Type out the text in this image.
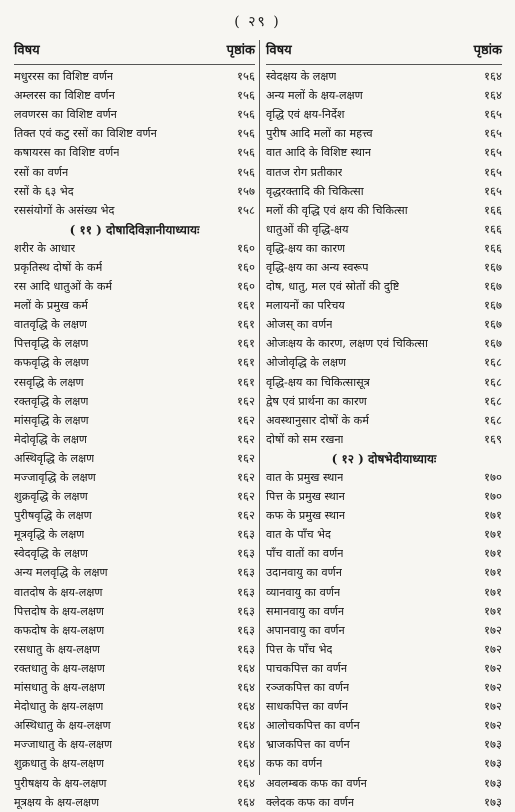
( २९ )
विषय	पृष्ठांक
मधुररस का विशिष्ट वर्णन	१५६
अम्लरस का विशिष्ट वर्णन	१५६
लवणरस का विशिष्ट वर्णन	१५६
तिक्त एवं कटु रसों का विशिष्ट वर्णन	१५६
कषायरस का विशिष्ट वर्णन	१५६
रसों का वर्णन	१५६
रसों के ६३ भेद	१५७
रससंयोगों के असंख्य भेद	१५८
( ११ ) दोषादिविज्ञानीयाध्यायः
शरीर के आधार	१६०
प्रकृतिस्थ दोषों के कर्म	१६०
रस आदि धातुओं के कर्म	१६०
मलों के प्रमुख कर्म	१६१
वातवृद्धि के लक्षण	१६१
पित्तवृद्धि के लक्षण	१६१
कफवृद्धि के लक्षण	१६१
रसवृद्धि के लक्षण	१६१
रक्तवृद्धि के लक्षण	१६२
मांसवृद्धि के लक्षण	१६२
मेदोवृद्धि के लक्षण	१६२
अस्थिवृद्धि के लक्षण	१६२
मज्जावृद्धि के लक्षण	१६२
शुक्रवृद्धि के लक्षण	१६२
पुरीषवृद्धि के लक्षण	१६२
मूत्रवृद्धि के लक्षण	१६३
स्वेदवृद्धि के लक्षण	१६३
अन्य मलवृद्धि के लक्षण	१६३
वातदोष के क्षय-लक्षण	१६३
पित्तदोष के क्षय-लक्षण	१६३
कफदोष के क्षय-लक्षण	१६३
रसधातु के क्षय-लक्षण	१६३
रक्तधातु के क्षय-लक्षण	१६४
मांसधातु के क्षय-लक्षण	१६४
मेदोधातु के क्षय-लक्षण	१६४
अस्थिधातु के क्षय-लक्षण	१६४
मज्जाधातु के क्षय-लक्षण	१६४
शुक्रधातु के क्षय-लक्षण	१६४
पुरीषक्षय के क्षय-लक्षण	१६४
मूत्रक्षय के क्षय-लक्षण	१६४
विषय	पृष्ठांक
स्वेदक्षय के लक्षण	१६४
अन्य मलों के क्षय-लक्षण	१६४
वृद्धि एवं क्षय-निर्देश	१६५
पुरीष आदि मलों का महत्त्व	१६५
वात आदि के विशिष्ट स्थान	१६५
वातज रोग प्रतीकार	१६५
वृद्धरक्तादि की चिकित्सा	१६५
मलों की वृद्धि एवं क्षय की चिकित्सा	१६६
धातुओं की वृद्धि-क्षय	१६६
वृद्धि-क्षय का कारण	१६६
वृद्धि-क्षय का अन्य स्वरूप	१६७
दोष, धातु, मल एवं स्रोतों की दुष्टि	१६७
मलायनों का परिचय	१६७
ओजस् का वर्णन	१६७
ओजःक्षय के कारण, लक्षण एवं चिकित्सा	१६७
ओजोवृद्धि के लक्षण	१६८
वृद्धि-क्षय का चिकित्सासूत्र	१६८
द्वेष एवं प्रार्थना का कारण	१६८
अवस्थानुसार दोषों के कर्म	१६८
दोषों को सम रखना	१६९
( १२ ) दोषभेदीयाध्यायः
वात के प्रमुख स्थान	१७०
पित्त के प्रमुख स्थान	१७०
कफ के प्रमुख स्थान	१७१
वात के पाँच भेद	१७१
पाँच वातों का वर्णन	१७१
उदानवायु का वर्णन	१७१
व्यानवायु का वर्णन	१७१
समानवायु का वर्णन	१७१
अपानवायु का वर्णन	१७२
पित्त के पाँच भेद	१७२
पाचकपित्त का वर्णन	१७२
रञ्जकपित्त का वर्णन	१७२
साधकपित्त का वर्णन	१७२
आलोचकपित्त का वर्णन	१७२
भ्राजकपित्त का वर्णन	१७३
कफ का वर्णन	१७३
अवलम्बक कफ का वर्णन	१७३
क्लेदक कफ का वर्णन	१७३
